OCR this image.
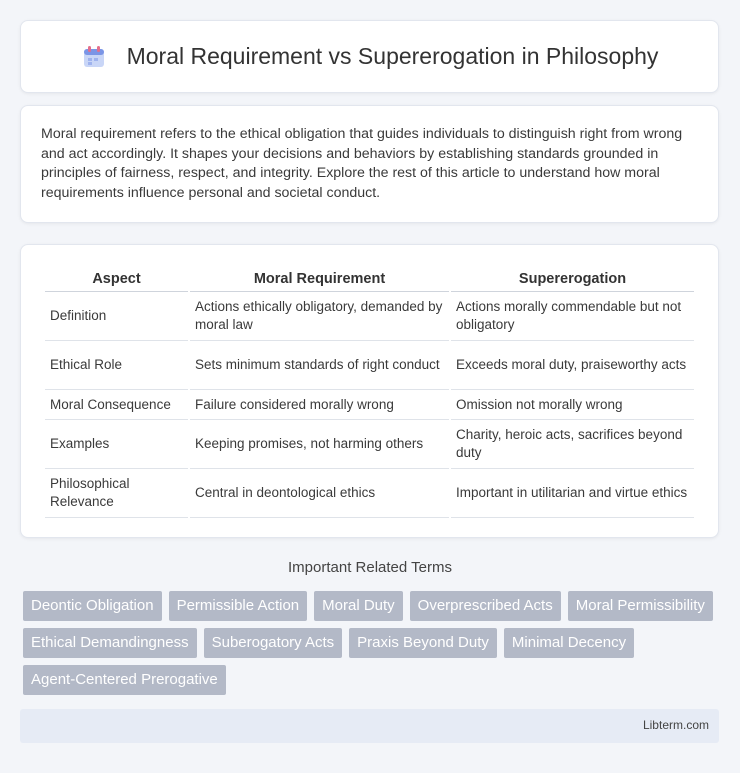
Moral Requirement vs Supererogation in Philosophy

Moral requirement refers to the ethical obligation that guides individuals to distinguish right from wrong and act accordingly. It shapes your decisions and behaviors by establishing standards grounded in principles of fairness, respect, and integrity. Explore the rest of this article to understand how moral requirements influence personal and societal conduct.

Aspect	Moral Requirement	Supererogation
Definition	Actions ethically obligatory, demanded by moral law	Actions morally commendable but not obligatory
Ethical Role	Sets minimum standards of right conduct	Exceeds moral duty, praiseworthy acts
Moral Consequence	Failure considered morally wrong	Omission not morally wrong
Examples	Keeping promises, not harming others	Charity, heroic acts, sacrifices beyond duty
Philosophical Relevance	Central in deontological ethics	Important in utilitarian and virtue ethics
Important Related Terms
Deontic Obligation	Permissible Action	Moral Duty	Overprescribed Acts	Moral Permissibility
Ethical Demandingness	Suberogatory Acts	Praxis Beyond Duty	Minimal Decency
Agent-Centered Prerogative
Libterm.com
